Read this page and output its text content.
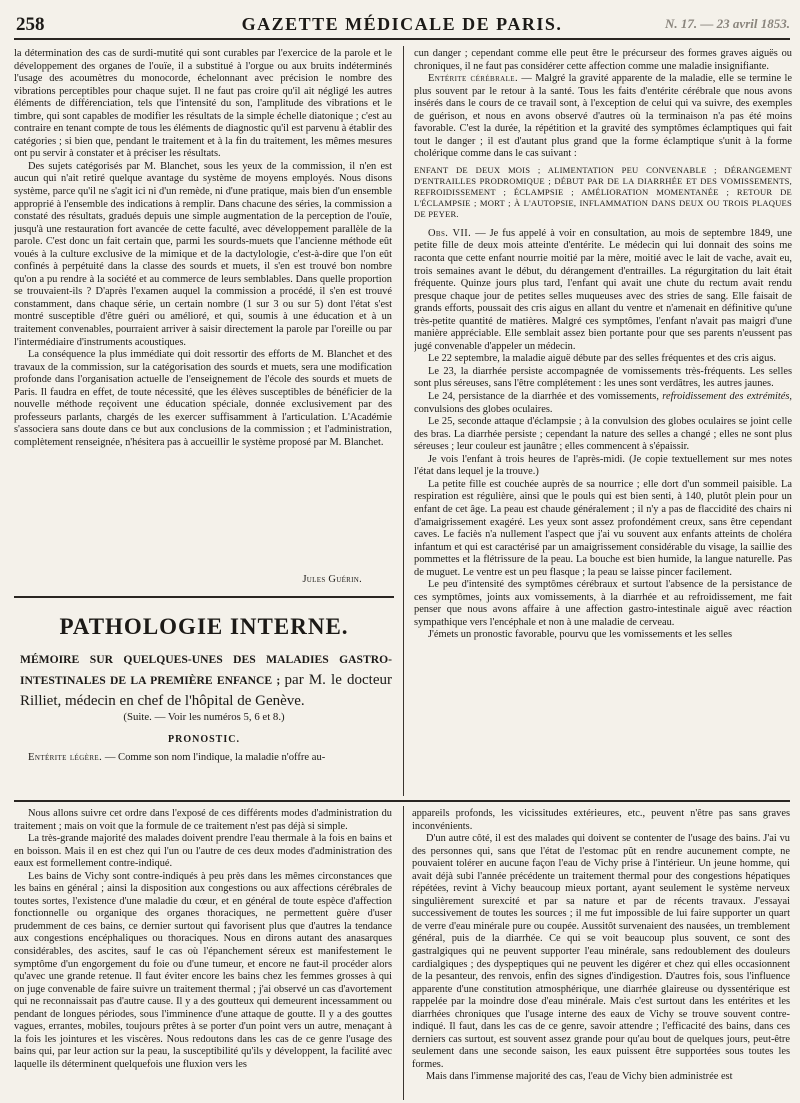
258	GAZETTE MÉDICALE DE PARIS.	N. 17. — 23 avril 1853.

la détermination des cas de surdi-mutité qui sont curables par l'exercice de la parole et le développement des organes de l'ouïe, il a substitué à l'orgue ou aux bruits indéterminés l'usage des acoumètres du monocorde, échelonnant avec précision le nombre des vibrations perceptibles pour chaque sujet. Il ne faut pas croire qu'il ait négligé les autres éléments de différenciation, tels que l'intensité du son, l'amplitude des vibrations et le timbre, qui sont capables de modifier les résultats de la simple échelle diatonique ; c'est au contraire en tenant compte de tous les éléments de diagnostic qu'il est parvenu à établir des catégories ; si bien que, pendant le traitement et à la fin du traitement, les mêmes mesures ont pu servir à constater et à préciser les résultats.

Des sujets catégorisés par M. Blanchet, sous les yeux de la commission, il n'en est aucun qui n'ait retiré quelque avantage du système de moyens employés. Nous disons système, parce qu'il ne s'agit ici ni d'un remède, ni d'une pratique, mais bien d'un ensemble approprié à l'ensemble des indications à remplir. Dans chacune des séries, la commission a constaté des résultats, gradués depuis une simple augmentation de la perception de l'ouïe, jusqu'à une restauration fort avancée de cette faculté, avec développement parallèle de la parole. C'est donc un fait certain que, parmi les sourds-muets que l'ancienne méthode eût voués à la culture exclusive de la mimique et de la dactylologie, c'est-à-dire que l'on eût confinés à perpétuité dans la classe des sourds et muets, il s'en est trouvé bon nombre qu'on a pu rendre à la société et au commerce de leurs semblables. Dans quelle proportion se trouvaient-ils ? D'après l'examen auquel la commission a procédé, il s'en est trouvé constamment, dans chaque série, un certain nombre (1 sur 3 ou sur 5) dont l'état s'est montré susceptible d'être guéri ou amélioré, et qui, soumis à une éducation et à un traitement convenables, pourraient arriver à saisir directement la parole par l'oreille ou par l'intermédiaire d'instruments acoustiques.

La conséquence la plus immédiate qui doit ressortir des efforts de M. Blanchet et des travaux de la commission, sur la catégorisation des sourds et muets, sera une modification profonde dans l'organisation actuelle de l'enseignement de l'école des sourds et muets de Paris. Il faudra en effet, de toute nécessité, que les élèves susceptibles de bénéficier de la nouvelle méthode reçoivent une éducation spéciale, donnée exclusivement par des professeurs parlants, chargés de les exercer suffisamment à l'articulation. L'Académie s'associera sans doute dans ce but aux conclusions de la commission ; et l'administration, complètement renseignée, n'hésitera pas à accueillir le système proposé par M. Blanchet.

Jules Guérin.
PATHOLOGIE INTERNE.
MÉMOIRE SUR QUELQUES-UNES DES MALADIES GASTRO-INTESTINALES DE LA PREMIÈRE ENFANCE ; par M. le docteur Rilliet, médecin en chef de l'hôpital de Genève.
(Suite. — Voir les numéros 5, 6 et 8.)
PRONOSTIC.
Entérite légère. — Comme son nom l'indique, la maladie n'offre au-

cun danger ; cependant comme elle peut être le précurseur des formes graves aiguës ou chroniques, il ne faut pas considérer cette affection comme une maladie insignifiante.

Entérite cérébrale. — Malgré la gravité apparente de la maladie, elle se termine le plus souvent par le retour à la santé. Tous les faits d'entérite cérébrale que nous avons insérés dans le cours de ce travail sont, à l'exception de celui qui va suivre, des exemples de guérison, et nous en avons observé d'autres où la terminaison n'a pas été moins favorable. C'est la durée, la répétition et la gravité des symptômes éclamptiques qui fait tout le danger ; il est d'autant plus grand que la forme éclamptique s'unit à la forme cholérique comme dans le cas suivant :

ENFANT DE DEUX MOIS ; ALIMENTATION PEU CONVENABLE ; DÉRANGEMENT D'ENTRAILLES PRODROMIQUE ; DÉBUT PAR DE LA DIARRHÉE ET DES VOMISSEMENTS, REFROIDISSEMENT ; ÉCLAMPSIE ; AMÉLIORATION MOMENTANÉE ; RETOUR DE L'ÉCLAMPSIE ; MORT ; À L'AUTOPSIE, INFLAMMATION DANS DEUX OU TROIS PLAQUES DE PEYER.

Obs. VII. — Je fus appelé à voir en consultation, au mois de septembre 1849, une petite fille de deux mois atteinte d'entérite. Le médecin qui lui donnait des soins me raconta que cette enfant nourrie moitié par la mère, moitié avec le lait de vache, avait eu, trois semaines avant le début, du dérangement d'entrailles. La régurgitation du lait était fréquente. Quinze jours plus tard, l'enfant qui avait une chute du rectum avait rendu presque chaque jour de petites selles muqueuses avec des stries de sang. Elle faisait de grands efforts, poussait des cris aigus en allant du ventre et n'amenait en définitive qu'une très-petite quantité de matières. Malgré ces symptômes, l'enfant n'avait pas maigri d'une manière appréciable. Elle semblait assez bien portante pour que ses parents n'eussent pas jugé convenable d'appeler un médecin.

Le 22 septembre, la maladie aiguë débute par des selles fréquentes et des cris aigus.

Le 23, la diarrhée persiste accompagnée de vomissements très-fréquents. Les selles sont plus séreuses, sans l'être complétement : les unes sont verdâtres, les autres jaunes.

Le 24, persistance de la diarrhée et des vomissements, refroidissement des extrémités, convulsions des globes oculaires.

Le 25, seconde attaque d'éclampsie ; à la convulsion des globes oculaires se joint celle des bras. La diarrhée persiste ; cependant la nature des selles a changé ; elles ne sont plus séreuses ; leur couleur est jaunâtre ; elles commencent à s'épaissir.

Je vois l'enfant à trois heures de l'après-midi. (Je copie textuellement sur mes notes l'état dans lequel je la trouve.)

La petite fille est couchée auprès de sa nourrice ; elle dort d'un sommeil paisible. La respiration est régulière, ainsi que le pouls qui est bien senti, à 140, plutôt plein pour un enfant de cet âge. La peau est chaude généralement ; il n'y a pas de flaccidité des chairs ni d'amaigrissement exagéré. Les yeux sont assez profondément creux, sans être cependant caves. Le faciès n'a nullement l'aspect que j'ai vu souvent aux enfants atteints de choléra infantum et qui est caractérisé par un amaigrissement considérable du visage, la saillie des pommettes et la flétrissure de la peau. La bouche est bien humide, la langue naturelle. Pas de muguet. Le ventre est un peu flasque ; la peau se laisse pincer facilement.

Le peu d'intensité des symptômes cérébraux et surtout l'absence de la persistance de ces symptômes, joints aux vomissements, à la diarrhée et au refroidissement, me fait penser que nous avons affaire à une affection gastro-intestinale aiguë avec réaction sympathique vers l'encéphale et non à une maladie de cerveau.

J'émets un pronostic favorable, pourvu que les vomissements et les selles

Nous allons suivre cet ordre dans l'exposé de ces différents modes d'administration du traitement ; mais on voit que la formule de ce traitement n'est pas déjà si simple.

La très-grande majorité des malades doivent prendre l'eau thermale à la fois en bains et en boisson. Mais il en est chez qui l'un ou l'autre de ces deux modes d'administration des eaux est formellement contre-indiqué.

Les bains de Vichy sont contre-indiqués à peu près dans les mêmes circonstances que les bains en général ; ainsi la disposition aux congestions ou aux affections cérébrales de toutes sortes, l'existence d'une maladie du cœur, et en général de toute espèce d'affection fonctionnelle ou organique des organes thoraciques, ne permettent guère d'user prudemment de ces bains, ce dernier surtout qui favorisent plus que d'autres la tendance aux congestions encéphaliques ou thoraciques. Nous en dirons autant des anasarques considérables, des ascites, sauf le cas où l'épanchement séreux est manifestement le symptôme d'un engorgement du foie ou d'une tumeur, et encore ne faut-il procéder alors qu'avec une grande retenue. Il faut éviter encore les bains chez les femmes grosses à qui on juge convenable de faire suivre un traitement thermal ; j'ai observé un cas d'avortement qui ne reconnaissait pas d'autre cause. Il y a des goutteux qui demeurent incessamment ou pendant de longues périodes, sous l'imminence d'une attaque de goutte. Il y a des gouttes vagues, errantes, mobiles, toujours prêtes à se porter d'un point vers un autre, menaçant à la fois les jointures et les viscères. Nous redoutons dans les cas de ce genre l'usage des bains qui, par leur action sur la peau, la susceptibilité qu'ils y développent, la facilité avec laquelle ils déterminent quelquefois une fluxion vers les

appareils profonds, les vicissitudes extérieures, etc., peuvent n'être pas sans graves inconvénients.

D'un autre côté, il est des malades qui doivent se contenter de l'usage des bains. J'ai vu des personnes qui, sans que l'état de l'estomac pût en rendre aucunement compte, ne pouvaient tolérer en aucune façon l'eau de Vichy prise à l'intérieur. Un jeune homme, qui avait déjà subi l'année précédente un traitement thermal pour des congestions hépatiques répétées, revint à Vichy beaucoup mieux portant, ayant seulement le système nerveux singulièrement surexcité et par sa nature et par de récents travaux. J'essayai successivement de toutes les sources ; il me fut impossible de lui faire supporter un quart de verre d'eau minérale pure ou coupée. Aussitôt survenaient des nausées, un tremblement général, puis de la diarrhée. Ce qui se voit beaucoup plus souvent, ce sont des gastralgiques qui ne peuvent supporter l'eau minérale, sans redoublement des douleurs cardialgiques ; des dyspeptiques qui ne peuvent les digérer et chez qui elles occasionnent de la pesanteur, des renvois, enfin des signes d'indigestion. D'autres fois, sous l'influence apparente d'une constitution atmosphérique, une diarrhée glaireuse ou dyssentérique est rappelée par la moindre dose d'eau minérale. Mais c'est surtout dans les entérites et les diarrhées chroniques que l'usage interne des eaux de Vichy se trouve souvent contre-indiqué. Il faut, dans les cas de ce genre, savoir attendre ; l'efficacité des bains, dans ces derniers cas surtout, est souvent assez grande pour qu'au bout de quelques jours, peut-être seulement dans une seconde saison, les eaux puissent être supportées sous toutes les formes.

Mais dans l'immense majorité des cas, l'eau de Vichy bien administrée est
